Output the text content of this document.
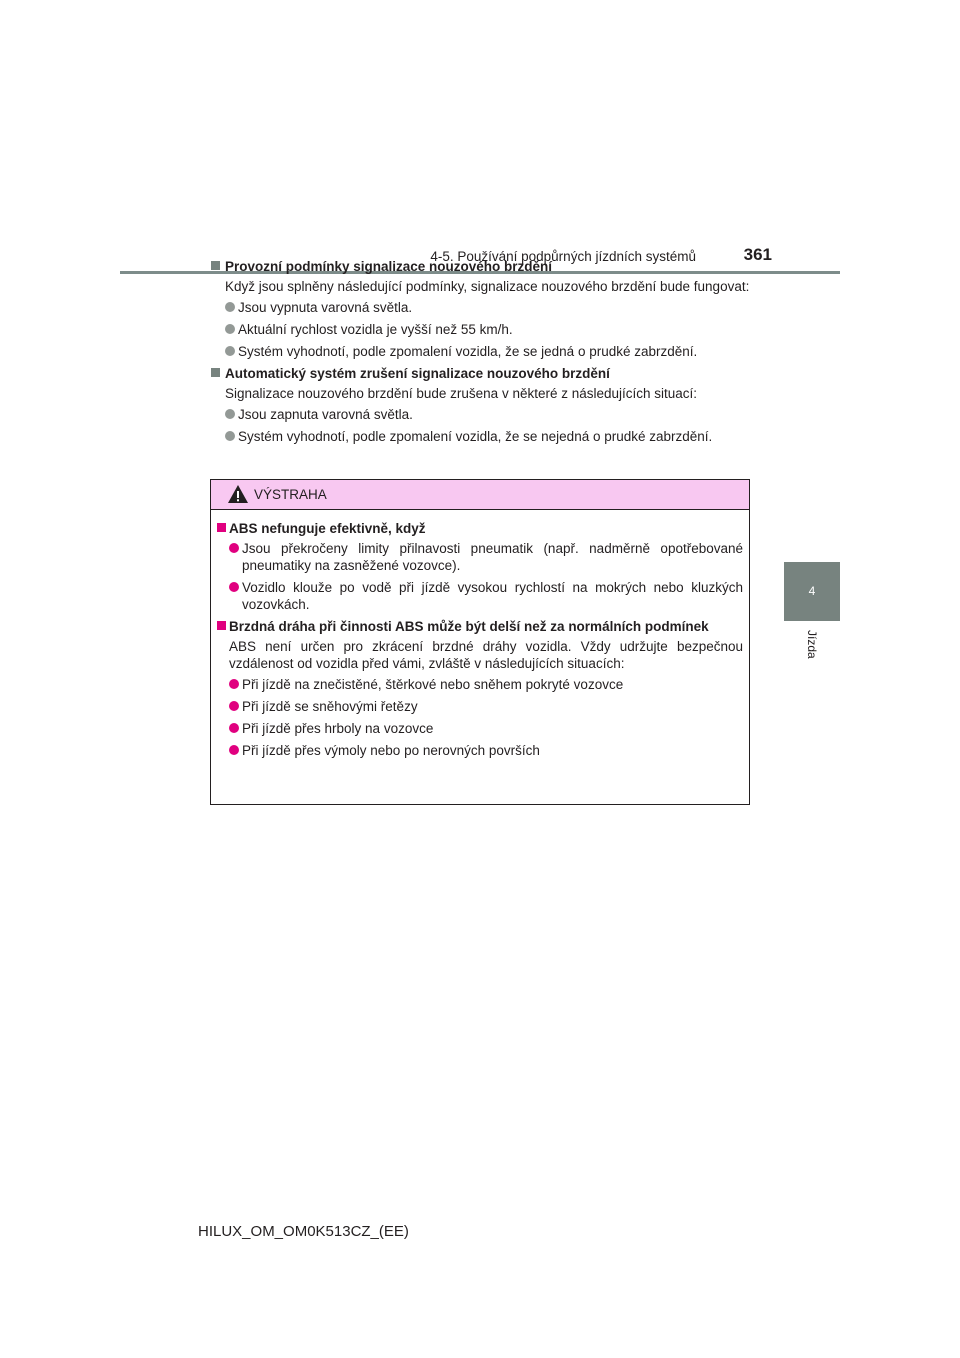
4-5. Používání podpůrných jízdních systémů	361
4
Jízda
Provozní podmínky signalizace nouzového brzdění
Když jsou splněny následující podmínky, signalizace nouzového brzdění bude fungovat:
Jsou vypnuta varovná světla.
Aktuální rychlost vozidla je vyšší než 55 km/h.
Systém vyhodnotí, podle zpomalení vozidla, že se jedná o prudké zabrzdění.
Automatický systém zrušení signalizace nouzového brzdění
Signalizace nouzového brzdění bude zrušena v některé z následujících situací:
Jsou zapnuta varovná světla.
Systém vyhodnotí, podle zpomalení vozidla, že se nejedná o prudké zabrzdění.
VÝSTRAHA
ABS nefunguje efektivně, když
Jsou překročeny limity přilnavosti pneumatik (např. nadměrně opotřebované pneumatiky na zasněžené vozovce).
Vozidlo klouže po vodě při jízdě vysokou rychlostí na mokrých nebo kluzkých vozovkách.
Brzdná dráha při činnosti ABS může být delší než za normálních podmínek
ABS není určen pro zkrácení brzdné dráhy vozidla. Vždy udržujte bezpečnou vzdálenost od vozidla před vámi, zvláště v následujících situacích:
Při jízdě na znečistěné, štěrkové nebo sněhem pokryté vozovce
Při jízdě se sněhovými řetězy
Při jízdě přes hrboly na vozovce
Při jízdě přes výmoly nebo po nerovných površích
HILUX_OM_OM0K513CZ_(EE)
